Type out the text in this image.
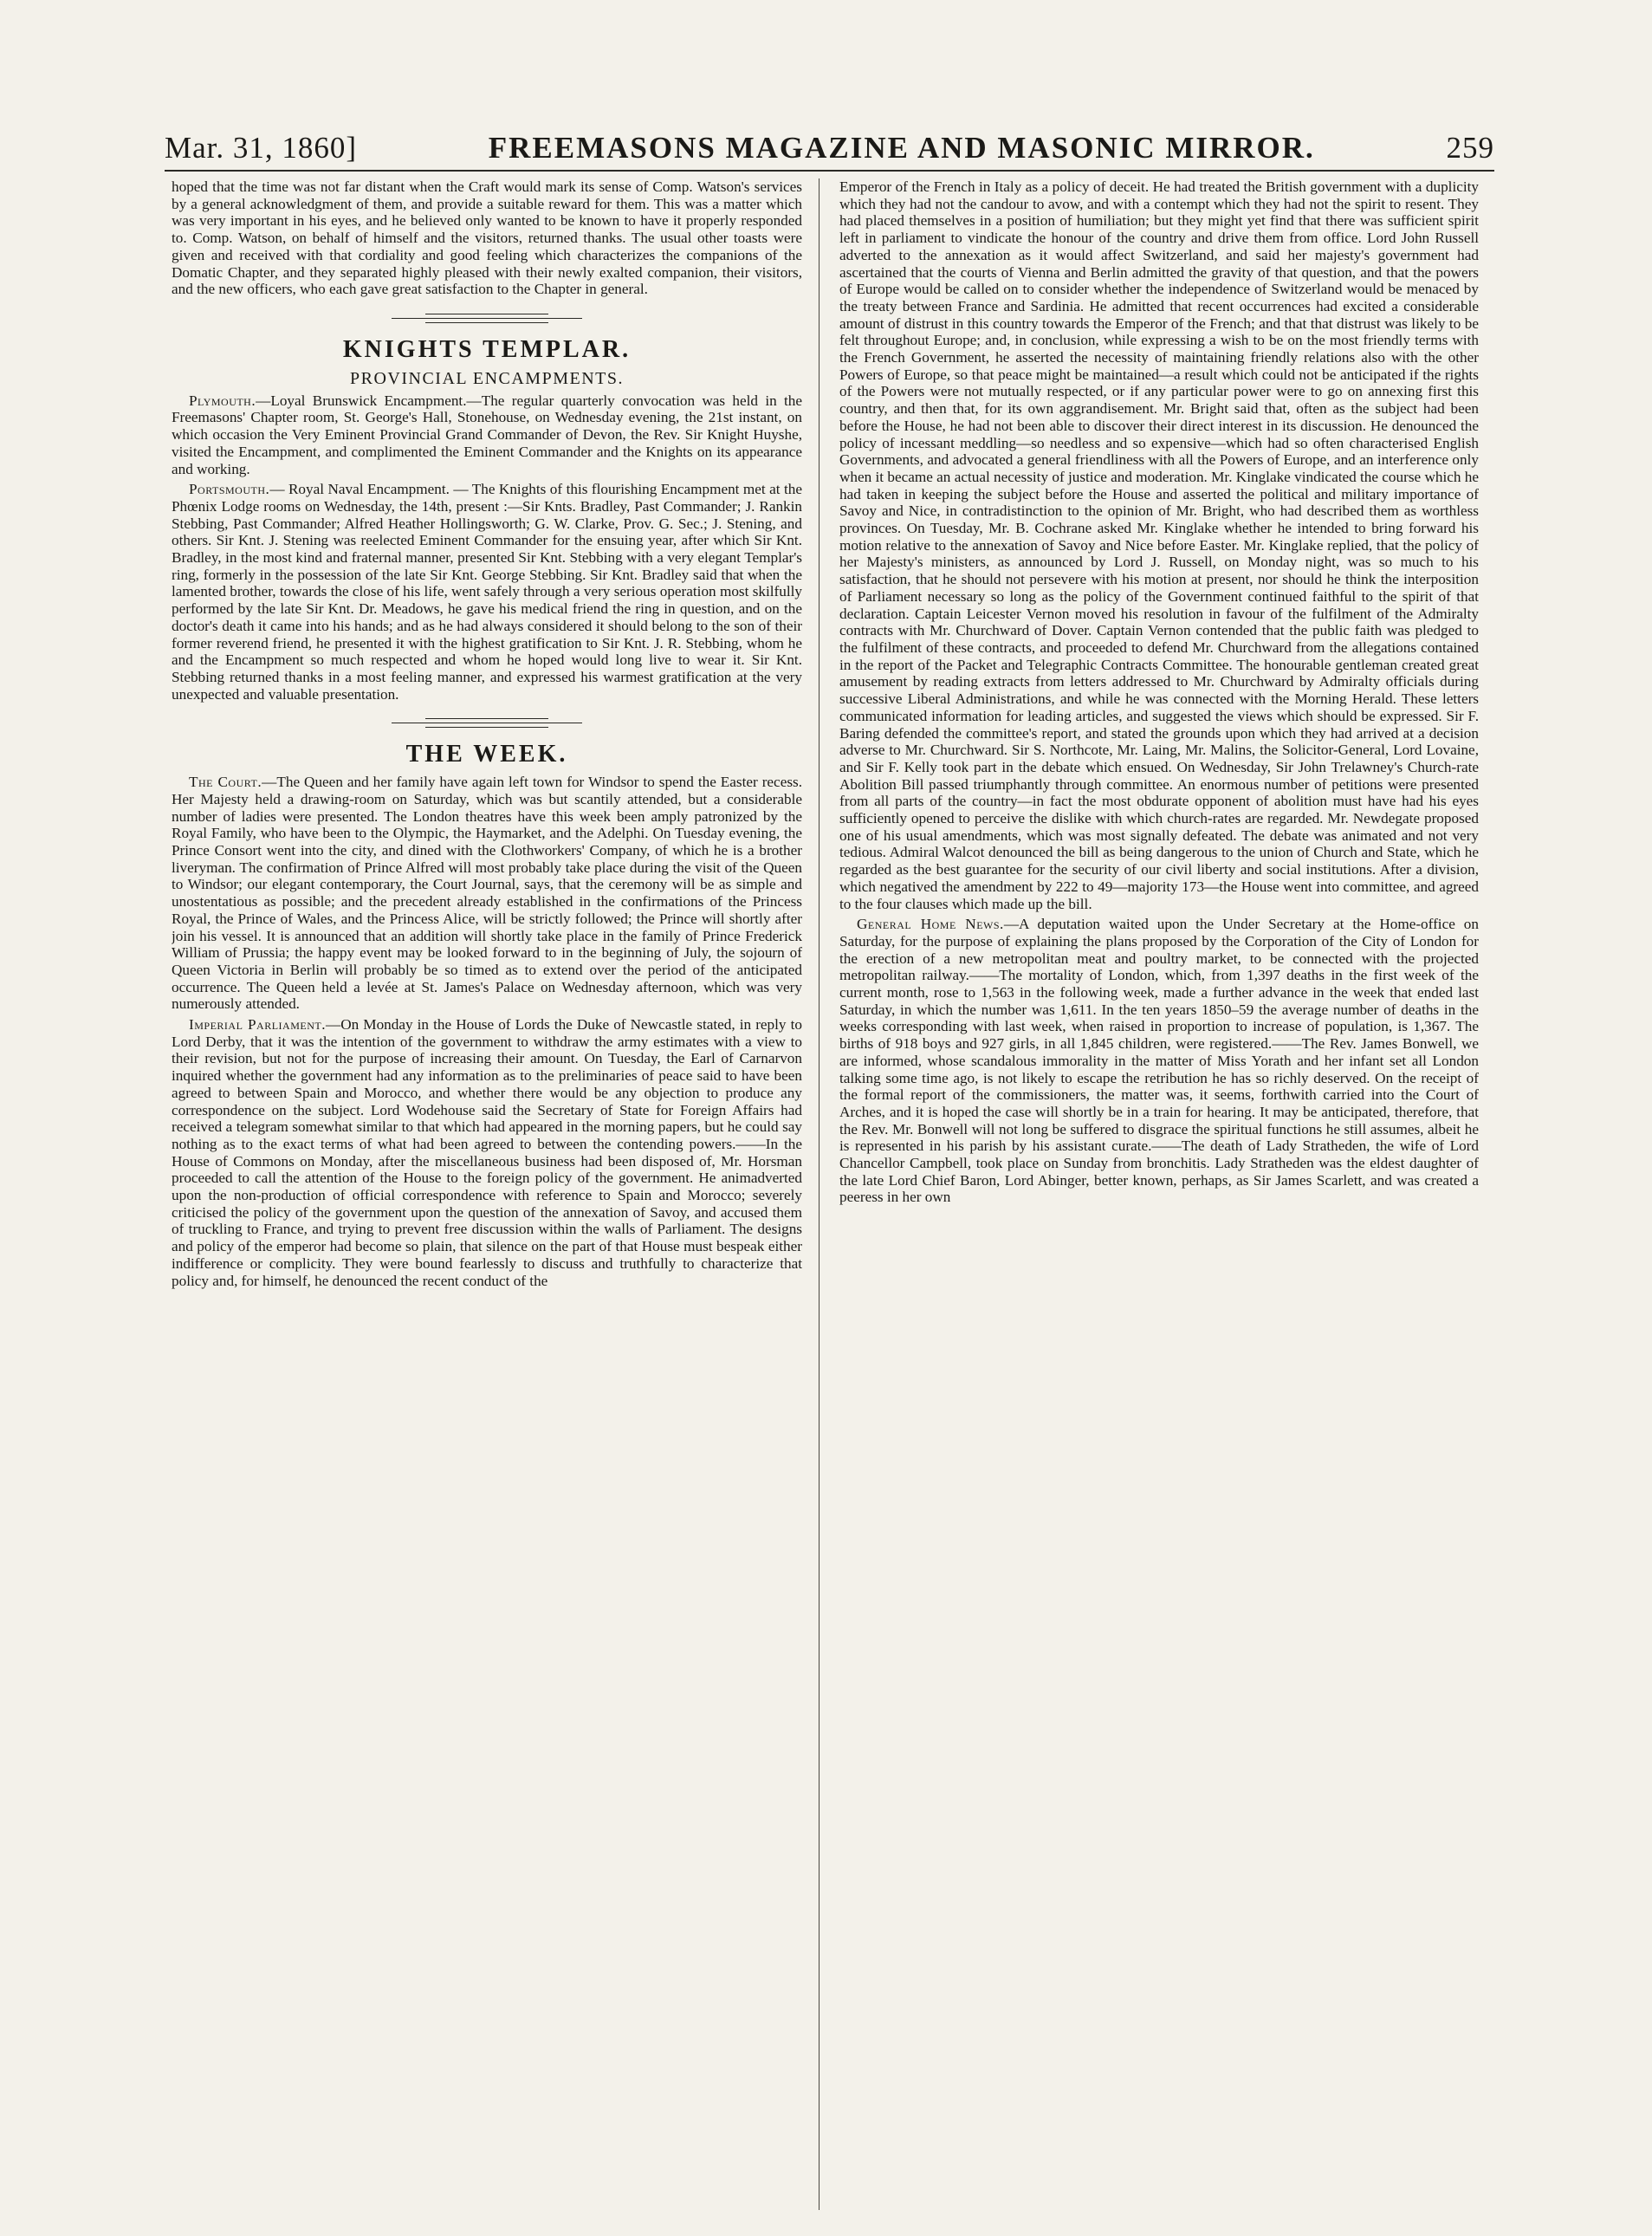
Mar. 31, 1860]	FREEMASONS MAGAZINE AND MASONIC MIRROR.	259

hoped that the time was not far distant when the Craft would mark its sense of Comp. Watson's services by a general acknowledgment of them, and provide a suitable reward for them. This was a matter which was very important in his eyes, and he believed only wanted to be known to have it properly responded to. Comp. Watson, on behalf of himself and the visitors, returned thanks. The usual other toasts were given and received with that cordiality and good feeling which characterizes the companions of the Domatic Chapter, and they separated highly pleased with their newly exalted companion, their visitors, and the new officers, who each gave great satisfaction to the Chapter in general.

KNIGHTS TEMPLAR.
PROVINCIAL ENCAMPMENTS.

Plymouth.—Loyal Brunswick Encampment.—The regular quarterly convocation was held in the Freemasons' Chapter room, St. George's Hall, Stonehouse, on Wednesday evening, the 21st instant, on which occasion the Very Eminent Provincial Grand Commander of Devon, the Rev. Sir Knight Huyshe, visited the Encampment, and complimented the Eminent Commander and the Knights on its appearance and working.

Portsmouth.— Royal Naval Encampment. — The Knights of this flourishing Encampment met at the Phœnix Lodge rooms on Wednesday, the 14th, present :—Sir Knts. Bradley, Past Commander; J. Rankin Stebbing, Past Commander; Alfred Heather Hollingsworth; G. W. Clarke, Prov. G. Sec.; J. Stening, and others. Sir Knt. J. Stening was reelected Eminent Commander for the ensuing year, after which Sir Knt. Bradley, in the most kind and fraternal manner, presented Sir Knt. Stebbing with a very elegant Templar's ring, formerly in the possession of the late Sir Knt. George Stebbing. Sir Knt. Bradley said that when the lamented brother, towards the close of his life, went safely through a very serious operation most skilfully performed by the late Sir Knt. Dr. Meadows, he gave his medical friend the ring in question, and on the doctor's death it came into his hands; and as he had always considered it should belong to the son of their former reverend friend, he presented it with the highest gratification to Sir Knt. J. R. Stebbing, whom he and the Encampment so much respected and whom he hoped would long live to wear it. Sir Knt. Stebbing returned thanks in a most feeling manner, and expressed his warmest gratification at the very unexpected and valuable presentation.

THE WEEK.

The Court.—The Queen and her family have again left town for Windsor to spend the Easter recess. Her Majesty held a drawing-room on Saturday, which was but scantily attended, but a considerable number of ladies were presented. The London theatres have this week been amply patronized by the Royal Family, who have been to the Olympic, the Haymarket, and the Adelphi. On Tuesday evening, the Prince Consort went into the city, and dined with the Clothworkers' Company, of which he is a brother liveryman. The confirmation of Prince Alfred will most probably take place during the visit of the Queen to Windsor; our elegant contemporary, the Court Journal, says, that the ceremony will be as simple and unostentatious as possible; and the precedent already established in the confirmations of the Princess Royal, the Prince of Wales, and the Princess Alice, will be strictly followed; the Prince will shortly after join his vessel. It is announced that an addition will shortly take place in the family of Prince Frederick William of Prussia; the happy event may be looked forward to in the beginning of July, the sojourn of Queen Victoria in Berlin will probably be so timed as to extend over the period of the anticipated occurrence. The Queen held a levée at St. James's Palace on Wednesday afternoon, which was very numerously attended.

Imperial Parliament.—On Monday in the House of Lords the Duke of Newcastle stated, in reply to Lord Derby, that it was the intention of the government to withdraw the army estimates with a view to their revision, but not for the purpose of increasing their amount. On Tuesday, the Earl of Carnarvon inquired whether the government had any information as to the preliminaries of peace said to have been agreed to between Spain and Morocco, and whether there would be any objection to produce any correspondence on the subject. Lord Wodehouse said the Secretary of State for Foreign Affairs had received a telegram somewhat similar to that which had appeared in the morning papers, but he could say nothing as to the exact terms of what had been agreed to between the contending powers.——In the House of Commons on Monday, after the miscellaneous business had been disposed of, Mr. Horsman proceeded to call the attention of the House to the foreign policy of the government. He animadverted upon the non-production of official correspondence with reference to Spain and Morocco; severely criticised the policy of the government upon the question of the annexation of Savoy, and accused them of truckling to France, and trying to prevent free discussion within the walls of Parliament. The designs and policy of the emperor had become so plain, that silence on the part of that House must bespeak either indifference or complicity. They were bound fearlessly to discuss and truthfully to characterize that policy and, for himself, he denounced the recent conduct of the

Emperor of the French in Italy as a policy of deceit. He had treated the British government with a duplicity which they had not the candour to avow, and with a contempt which they had not the spirit to resent. They had placed themselves in a position of humiliation; but they might yet find that there was sufficient spirit left in parliament to vindicate the honour of the country and drive them from office. Lord John Russell adverted to the annexation as it would affect Switzerland, and said her majesty's government had ascertained that the courts of Vienna and Berlin admitted the gravity of that question, and that the powers of Europe would be called on to consider whether the independence of Switzerland would be menaced by the treaty between France and Sardinia. He admitted that recent occurrences had excited a considerable amount of distrust in this country towards the Emperor of the French; and that that distrust was likely to be felt throughout Europe; and, in conclusion, while expressing a wish to be on the most friendly terms with the French Government, he asserted the necessity of maintaining friendly relations also with the other Powers of Europe, so that peace might be maintained—a result which could not be anticipated if the rights of the Powers were not mutually respected, or if any particular power were to go on annexing first this country, and then that, for its own aggrandisement. Mr. Bright said that, often as the subject had been before the House, he had not been able to discover their direct interest in its discussion. He denounced the policy of incessant meddling—so needless and so expensive—which had so often characterised English Governments, and advocated a general friendliness with all the Powers of Europe, and an interference only when it became an actual necessity of justice and moderation. Mr. Kinglake vindicated the course which he had taken in keeping the subject before the House and asserted the political and military importance of Savoy and Nice, in contradistinction to the opinion of Mr. Bright, who had described them as worthless provinces. On Tuesday, Mr. B. Cochrane asked Mr. Kinglake whether he intended to bring forward his motion relative to the annexation of Savoy and Nice before Easter. Mr. Kinglake replied, that the policy of her Majesty's ministers, as announced by Lord J. Russell, on Monday night, was so much to his satisfaction, that he should not persevere with his motion at present, nor should he think the interposition of Parliament necessary so long as the policy of the Government continued faithful to the spirit of that declaration. Captain Leicester Vernon moved his resolution in favour of the fulfilment of the Admiralty contracts with Mr. Churchward of Dover. Captain Vernon contended that the public faith was pledged to the fulfilment of these contracts, and proceeded to defend Mr. Churchward from the allegations contained in the report of the Packet and Telegraphic Contracts Committee. The honourable gentleman created great amusement by reading extracts from letters addressed to Mr. Churchward by Admiralty officials during successive Liberal Administrations, and while he was connected with the Morning Herald. These letters communicated information for leading articles, and suggested the views which should be expressed. Sir F. Baring defended the committee's report, and stated the grounds upon which they had arrived at a decision adverse to Mr. Churchward. Sir S. Northcote, Mr. Laing, Mr. Malins, the Solicitor-General, Lord Lovaine, and Sir F. Kelly took part in the debate which ensued. On Wednesday, Sir John Trelawney's Church-rate Abolition Bill passed triumphantly through committee. An enormous number of petitions were presented from all parts of the country—in fact the most obdurate opponent of abolition must have had his eyes sufficiently opened to perceive the dislike with which church-rates are regarded. Mr. Newdegate proposed one of his usual amendments, which was most signally defeated. The debate was animated and not very tedious. Admiral Walcot denounced the bill as being dangerous to the union of Church and State, which he regarded as the best guarantee for the security of our civil liberty and social institutions. After a division, which negatived the amendment by 222 to 49—majority 173—the House went into committee, and agreed to the four clauses which made up the bill.

General Home News.—A deputation waited upon the Under Secretary at the Home-office on Saturday, for the purpose of explaining the plans proposed by the Corporation of the City of London for the erection of a new metropolitan meat and poultry market, to be connected with the projected metropolitan railway.——The mortality of London, which, from 1,397 deaths in the first week of the current month, rose to 1,563 in the following week, made a further advance in the week that ended last Saturday, in which the number was 1,611. In the ten years 1850–59 the average number of deaths in the weeks corresponding with last week, when raised in proportion to increase of population, is 1,367. The births of 918 boys and 927 girls, in all 1,845 children, were registered.——The Rev. James Bonwell, we are informed, whose scandalous immorality in the matter of Miss Yorath and her infant set all London talking some time ago, is not likely to escape the retribution he has so richly deserved. On the receipt of the formal report of the commissioners, the matter was, it seems, forthwith carried into the Court of Arches, and it is hoped the case will shortly be in a train for hearing. It may be anticipated, therefore, that the Rev. Mr. Bonwell will not long be suffered to disgrace the spiritual functions he still assumes, albeit he is represented in his parish by his assistant curate.——The death of Lady Stratheden, the wife of Lord Chancellor Campbell, took place on Sunday from bronchitis. Lady Stratheden was the eldest daughter of the late Lord Chief Baron, Lord Abinger, better known, perhaps, as Sir James Scarlett, and was created a peeress in her own
